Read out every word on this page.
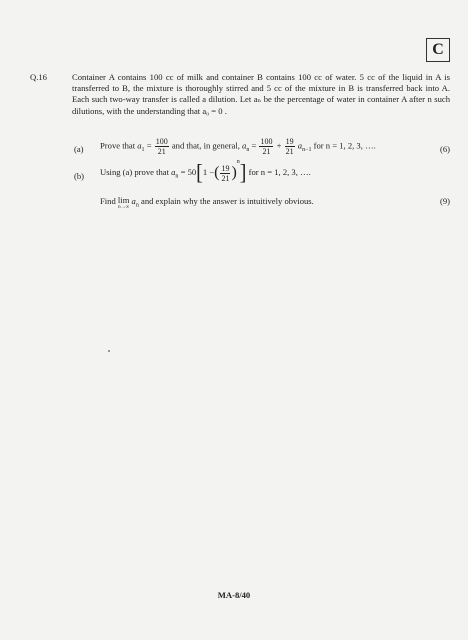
C
Q.16	Container A contains 100 cc of milk and container B contains 100 cc of water. 5 cc of the liquid in A is transferred to B, the mixture is thoroughly stirred and 5 cc of the mixture in B is transferred back into A. Each such two-way transfer is called a dilution. Let aₙ be the percentage of water in container A after n such dilutions, with the understanding that a₀ = 0 .
(a) Prove that $a_1 = \frac{100}{21}$ and that, in general, $a_n = \frac{100}{21} + \frac{19}{21} a_{n-1}$ for n = 1, 2, 3, ….	(6)
(b) Using (a) prove that $a_n = 50[1$ −( $\frac{19}{21} )^n$] for n = 1, 2, 3, ….
Find lim
n→∞
$a_n$ and explain why the answer is intuitively obvious.	(9)
MA-8/40
